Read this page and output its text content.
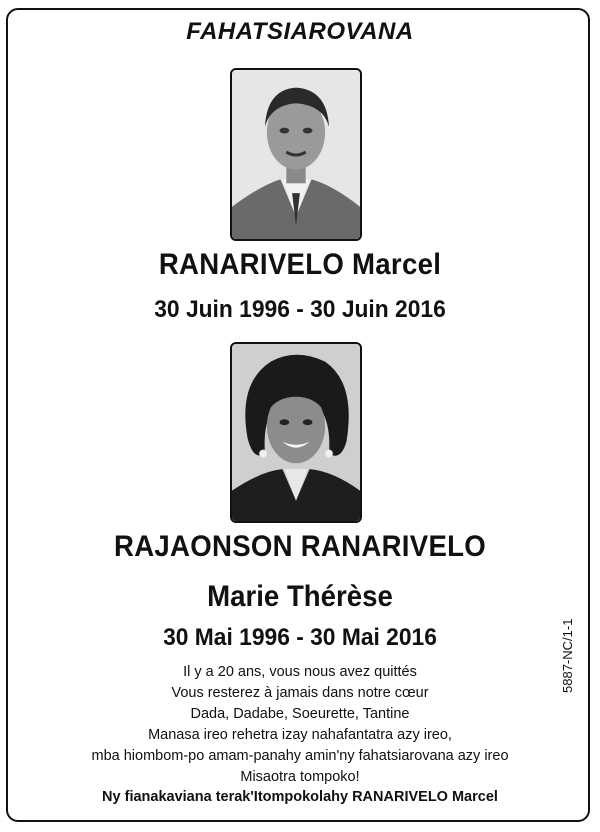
FAHATSIAROVANA
RANARIVELO Marcel
30 Juin 1996 - 30 Juin 2016
RAJAONSON RANARIVELO
Marie Thérèse
30 Mai 1996 - 30 Mai 2016
Il y a 20 ans, vous nous avez quittés
Vous resterez à jamais dans notre cœur
Dada, Dadabe, Soeurette, Tantine
Manasa ireo rehetra izay nahafantatra azy ireo,
mba hiombom-po amam-panahy amin'ny fahatsiarovana azy ireo
Misaotra tompoko!
Ny fianakaviana terak'Itompokolahy RANARIVELO Marcel
5887-NC/1-1
